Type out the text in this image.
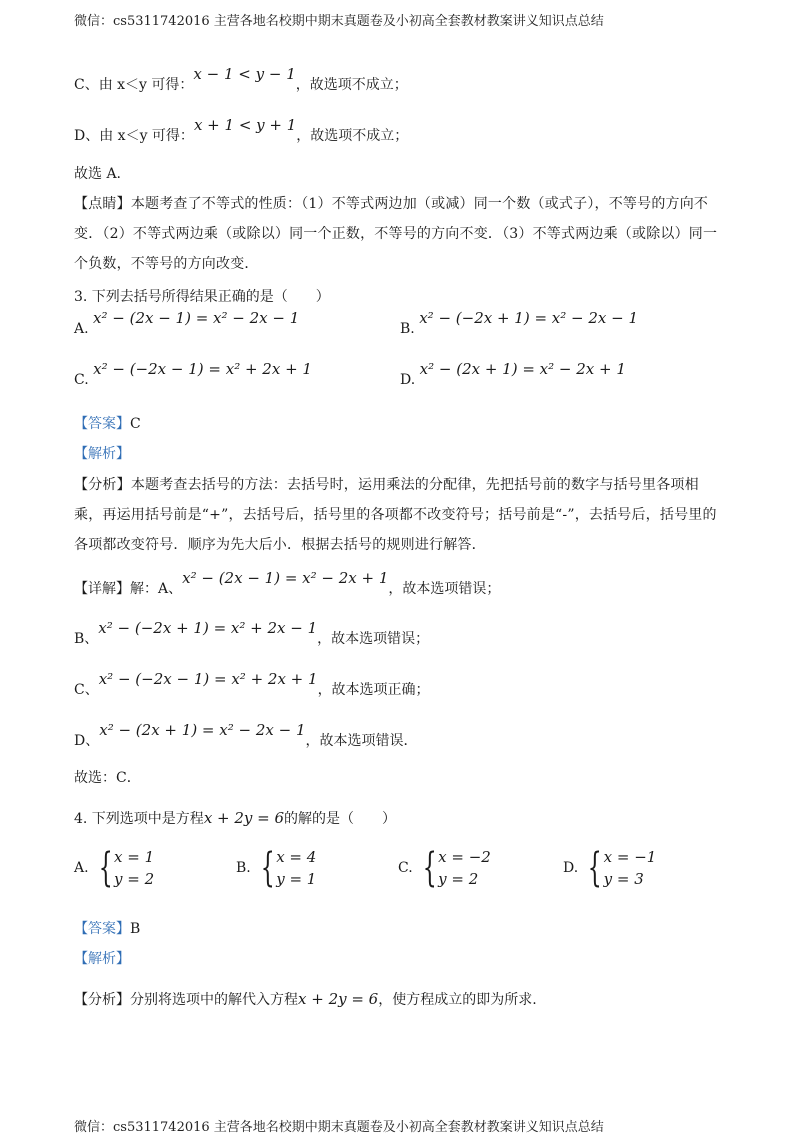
微信：cs5311742016 主营各地名校期中期末真题卷及小初高全套教材教案讲义知识点总结
C、由 x＜y 可得：x − 1 < y − 1，故选项不成立；
D、由 x＜y 可得：x + 1 < y + 1，故选项不成立；
故选 A.
【点睛】本题考查了不等式的性质：（1）不等式两边加（或减）同一个数（或式子），不等号的方向不变．（2）不等式两边乘（或除以）同一个正数，不等号的方向不变．（3）不等式两边乘（或除以）同一个负数，不等号的方向改变．
3. 下列去括号所得结果正确的是（　　）
A. x² − (2x − 1) = x² − 2x − 1
B. x² − (−2x + 1) = x² − 2x − 1
C. x² − (−2x − 1) = x² + 2x + 1
D. x² − (2x + 1) = x² − 2x + 1
【答案】C
【解析】
【分析】本题考查去括号的方法：去括号时，运用乘法的分配律，先把括号前的数字与括号里各项相乘，再运用括号前是“+”，去括号后，括号里的各项都不改变符号；括号前是“-”，去括号后，括号里的各项都改变符号．顺序为先大后小．根据去括号的规则进行解答．
【详解】解：A、x² − (2x − 1) = x² − 2x + 1，故本选项错误；
B、x² − (−2x + 1) = x² + 2x − 1，故本选项错误；
C、x² − (−2x − 1) = x² + 2x + 1，故本选项正确；
D、x² − (2x + 1) = x² − 2x − 1，故本选项错误．
故选：C．
4. 下列选项中是方程x + 2y = 6的解的是（　　）
A. { x = 1
y = 2
B. { x = 4
y = 1
C. { x = −2
y = 2
D. { x = −1
y = 3
【答案】B
【解析】
【分析】分别将选项中的解代入方程x + 2y = 6，使方程成立的即为所求.
微信：cs5311742016 主营各地名校期中期末真题卷及小初高全套教材教案讲义知识点总结
